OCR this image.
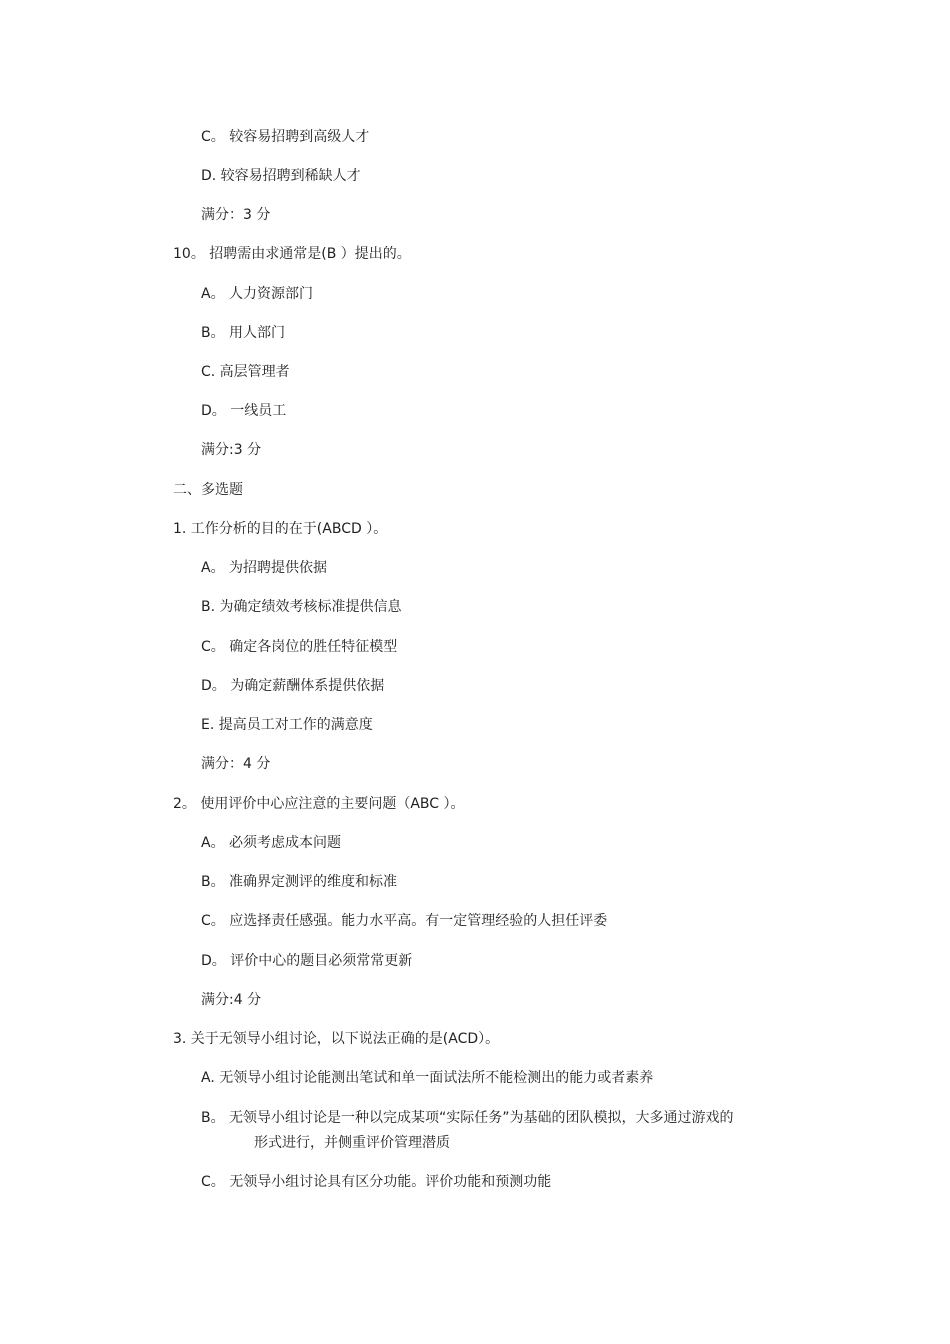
C。 较容易招聘到高级人才
D. 较容易招聘到稀缺人才
满分：3 分
10。 招聘需由求通常是(B ）提出的。
A。 人力资源部门
B。 用人部门
C. 高层管理者
D。 一线员工
满分:3 分
二、多选题
1. 工作分析的目的在于(ABCD ）。
A。 为招聘提供依据
B. 为确定绩效考核标准提供信息
C。 确定各岗位的胜任特征模型
D。 为确定薪酬体系提供依据
E. 提高员工对工作的满意度
满分：4 分
2。 使用评价中心应注意的主要问题（ABC ）。
A。 必须考虑成本问题
B。 准确界定测评的维度和标准
C。 应选择责任感强。能力水平高。有一定管理经验的人担任评委
D。 评价中心的题目必须常常更新
满分:4 分
3. 关于无领导小组讨论，以下说法正确的是(ACD）。
A. 无领导小组讨论能测出笔试和单一面试法所不能检测出的能力或者素养
B。 无领导小组讨论是一种以完成某项“实际任务”为基础的团队模拟，大多通过游戏的
形式进行，并侧重评价管理潜质
C。 无领导小组讨论具有区分功能。评价功能和预测功能
